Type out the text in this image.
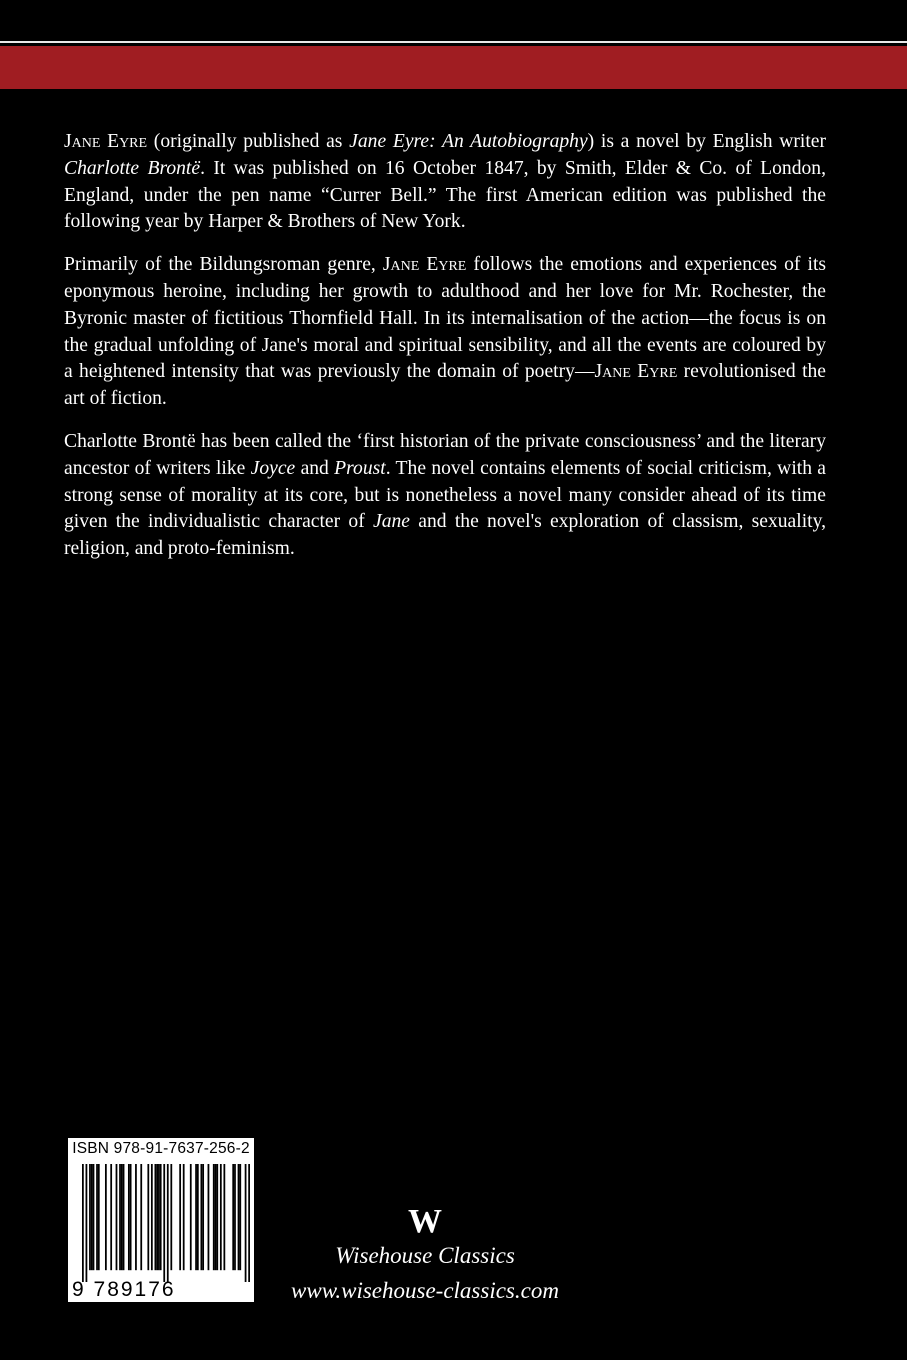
Jane Eyre (originally published as Jane Eyre: An Autobiography) is a novel by English writer Charlotte Brontë. It was published on 16 October 1847, by Smith, Elder & Co. of London, England, under the pen name “Currer Bell.” The first American edition was published the following year by Harper & Brothers of New York.

Primarily of the Bildungsroman genre, Jane Eyre follows the emotions and experiences of its eponymous heroine, including her growth to adulthood and her love for Mr. Rochester, the Byronic master of fictitious Thornfield Hall. In its internalisation of the action—the focus is on the gradual unfolding of Jane's moral and spiritual sensibility, and all the events are coloured by a heightened intensity that was previously the domain of poetry—Jane Eyre revolutionised the art of fiction.

Charlotte Brontë has been called the ‘first historian of the private consciousness’ and the literary ancestor of writers like Joyce and Proust. The novel contains elements of social criticism, with a strong sense of morality at its core, but is nonetheless a novel many consider ahead of its time given the individualistic character of Jane and the novel's exploration of classism, sexuality, religion, and proto-feminism.

ISBN 978-91-7637-256-2
9 789176 372562
W
Wisehouse Classics
www.wisehouse-classics.com
